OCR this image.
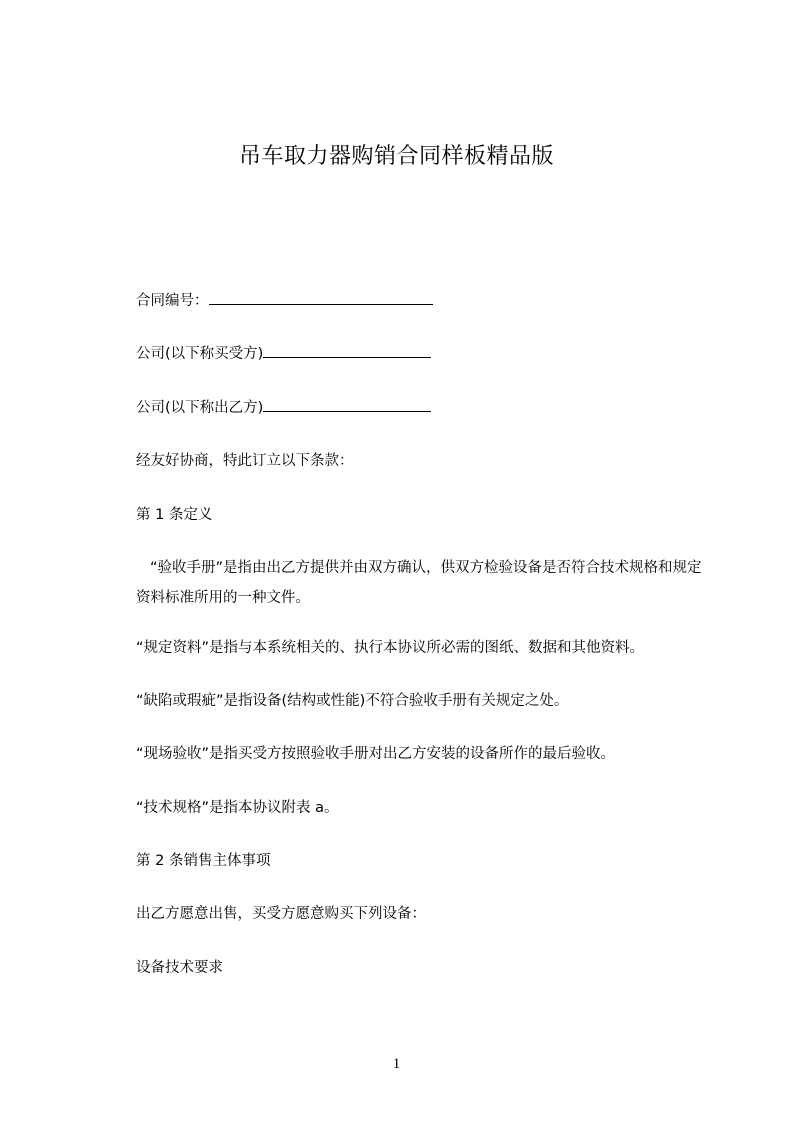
吊车取力器购销合同样板精品版
合同编号：
公司(以下称买受方)
公司(以下称出乙方)
经友好协商，特此订立以下条款：
第 1 条定义
“验收手册”是指由出乙方提供并由双方确认，供双方检验设备是否符合技术规格和规定资料标准所用的一种文件。
“规定资料”是指与本系统相关的、执行本协议所必需的图纸、数据和其他资料。
“缺陷或瑕疵”是指设备(结构或性能)不符合验收手册有关规定之处。
“现场验收”是指买受方按照验收手册对出乙方安装的设备所作的最后验收。
“技术规格”是指本协议附表 a。
第 2 条销售主体事项
出乙方愿意出售，买受方愿意购买下列设备：
设备技术要求
1
